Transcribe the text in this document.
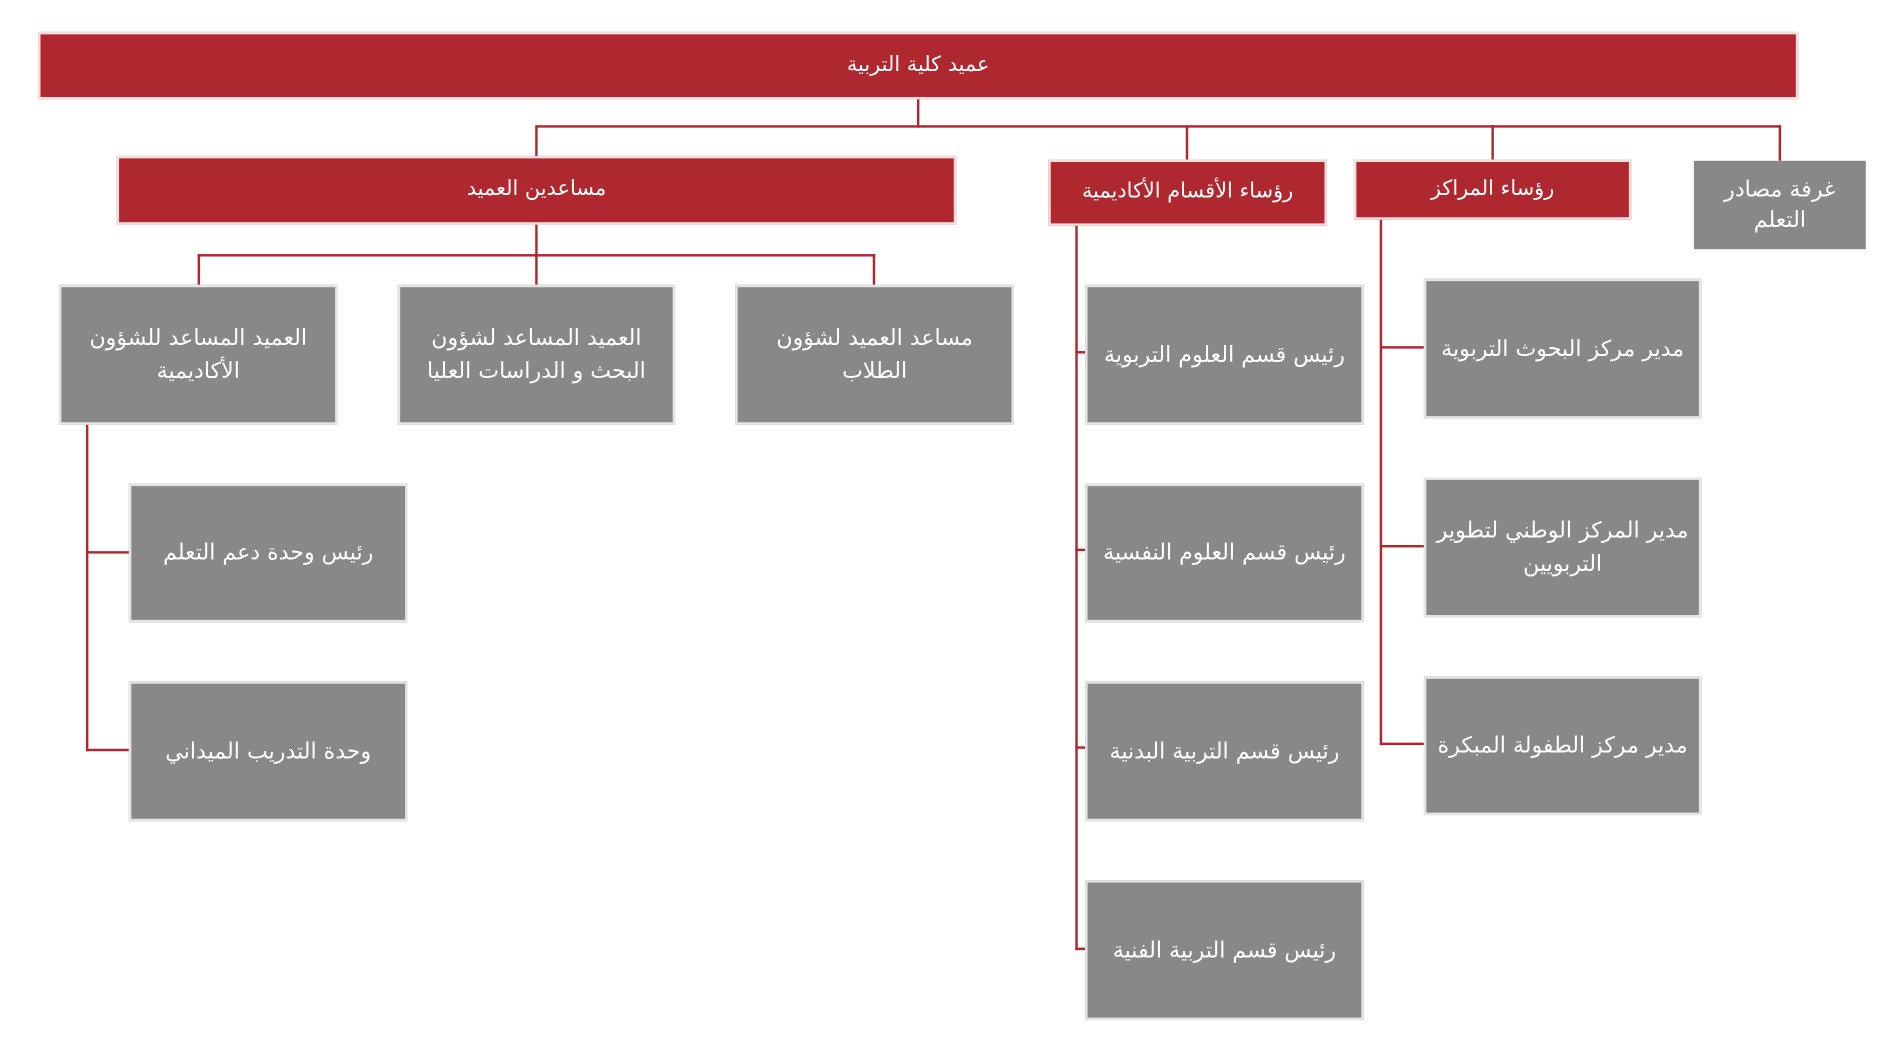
عميد كلية التربية
مساعدين العميد	رؤساء الأقسام الأكاديمية	رؤساء المراكز	غرفة مصادر التعلم
العميد المساعد للشؤون الأكاديمية
العميد المساعد لشؤون البحث و الدراسات العليا
مساعد العميد لشؤون الطلاب
رئيس وحدة دعم التعلم
وحدة التدريب الميداني
رئيس قسم العلوم التربوية
رئيس قسم العلوم النفسية
رئيس قسم التربية البدنية
رئيس قسم التربية الفنية
مدير مركز البحوث التربوية
مدير المركز الوطني لتطوير التربويين
مدير مركز الطفولة المبكرة
